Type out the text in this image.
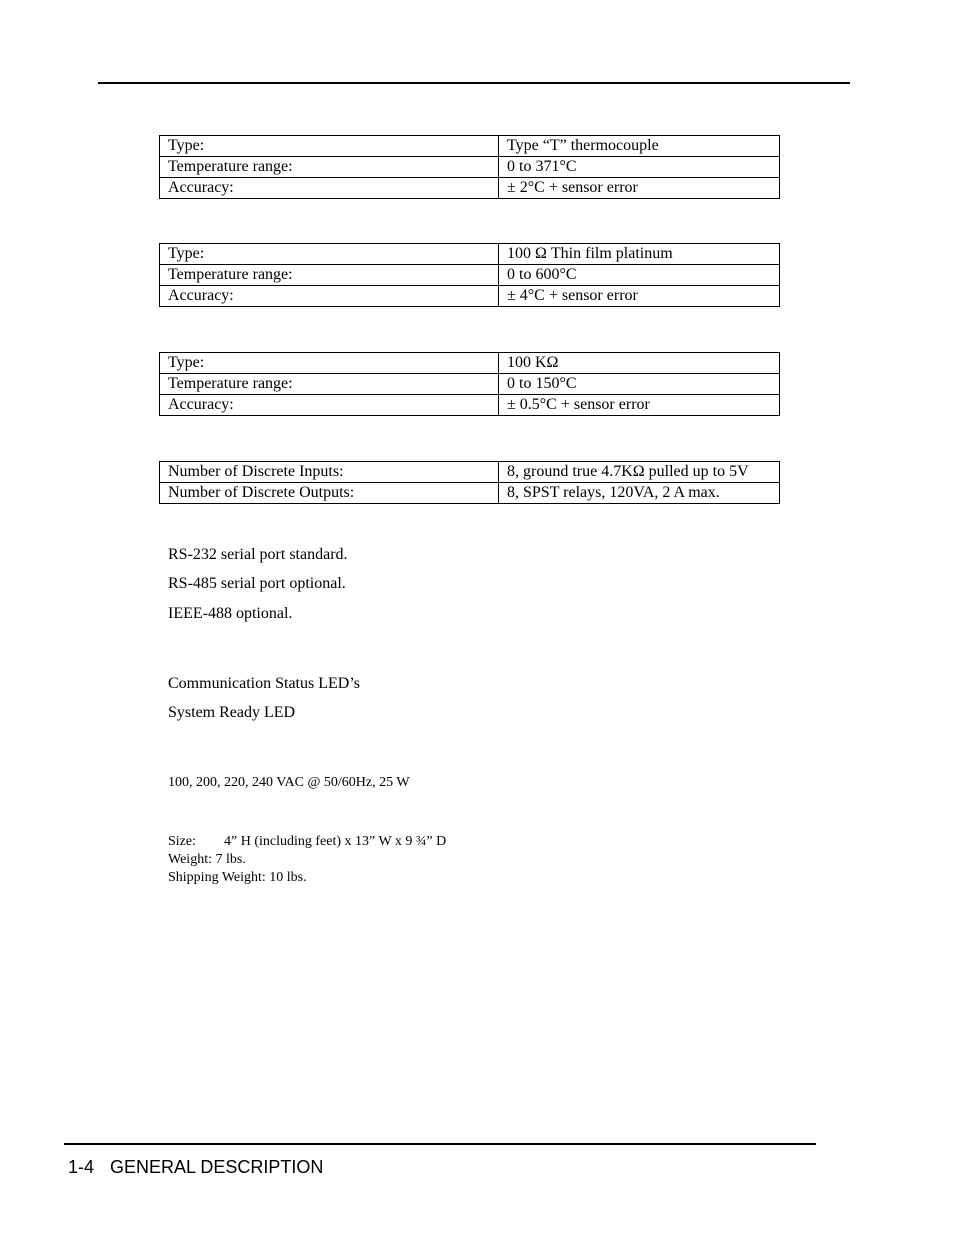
Type:	Type “T” thermocouple
Temperature range:	0 to 371°C
Accuracy:	± 2°C + sensor error
Type:	100 Ω Thin film platinum
Temperature range:	0 to 600°C
Accuracy:	± 4°C + sensor error
Type:	100 KΩ
Temperature range:	0 to 150°C
Accuracy:	± 0.5°C + sensor error
Number of Discrete Inputs:	8, ground true 4.7KΩ pulled up to 5V
Number of Discrete Outputs:	8, SPST relays, 120VA, 2 A max.
RS-232 serial port standard.
RS-485 serial port optional.
IEEE-488 optional.
Communication Status LED’s
System Ready LED
100, 200, 220, 240 VAC @ 50/60Hz, 25 W
Size: 4” H (including feet) x 13” W x 9 ¾” D
Weight: 7 lbs.
Shipping Weight: 10 lbs.
1-4 GENERAL DESCRIPTION
